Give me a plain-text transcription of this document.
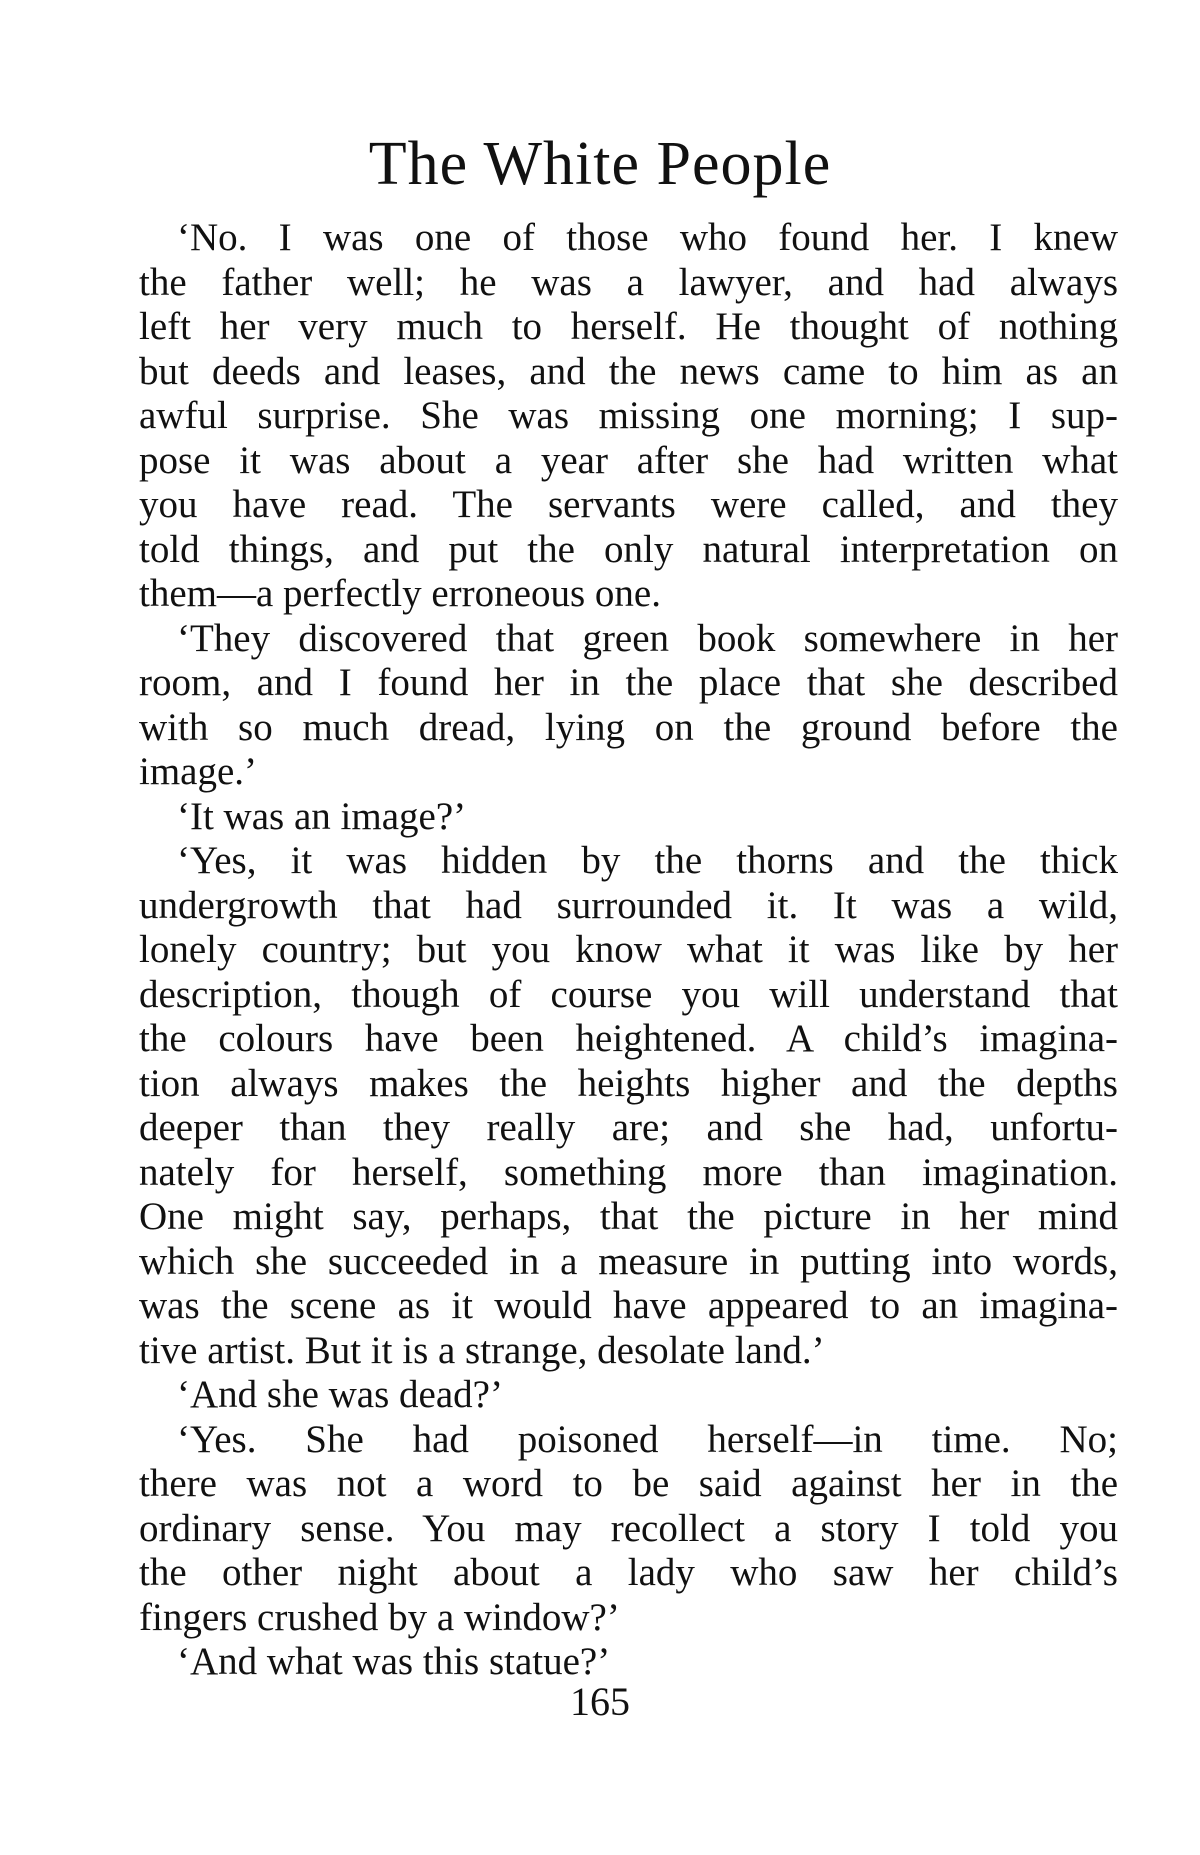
The White People
‘No. I was one of those who found her. I knew
the father well; he was a lawyer, and had always
left her very much to herself. He thought of nothing
but deeds and leases, and the news came to him as an
awful surprise. She was missing one morning; I sup-
pose it was about a year after she had written what
you have read. The servants were called, and they
told things, and put the only natural interpretation on
them—a perfectly erroneous one.
‘They discovered that green book somewhere in her
room, and I found her in the place that she described
with so much dread, lying on the ground before the
image.’
‘It was an image?’
‘Yes, it was hidden by the thorns and the thick
undergrowth that had surrounded it. It was a wild,
lonely country; but you know what it was like by her
description, though of course you will understand that
the colours have been heightened. A child’s imagina-
tion always makes the heights higher and the depths
deeper than they really are; and she had, unfortu-
nately for herself, something more than imagination.
One might say, perhaps, that the picture in her mind
which she succeeded in a measure in putting into words,
was the scene as it would have appeared to an imagina-
tive artist. But it is a strange, desolate land.’
‘And she was dead?’
‘Yes. She had poisoned herself—in time. No;
there was not a word to be said against her in the
ordinary sense. You may recollect a story I told you
the other night about a lady who saw her child’s
fingers crushed by a window?’
‘And what was this statue?’
165
